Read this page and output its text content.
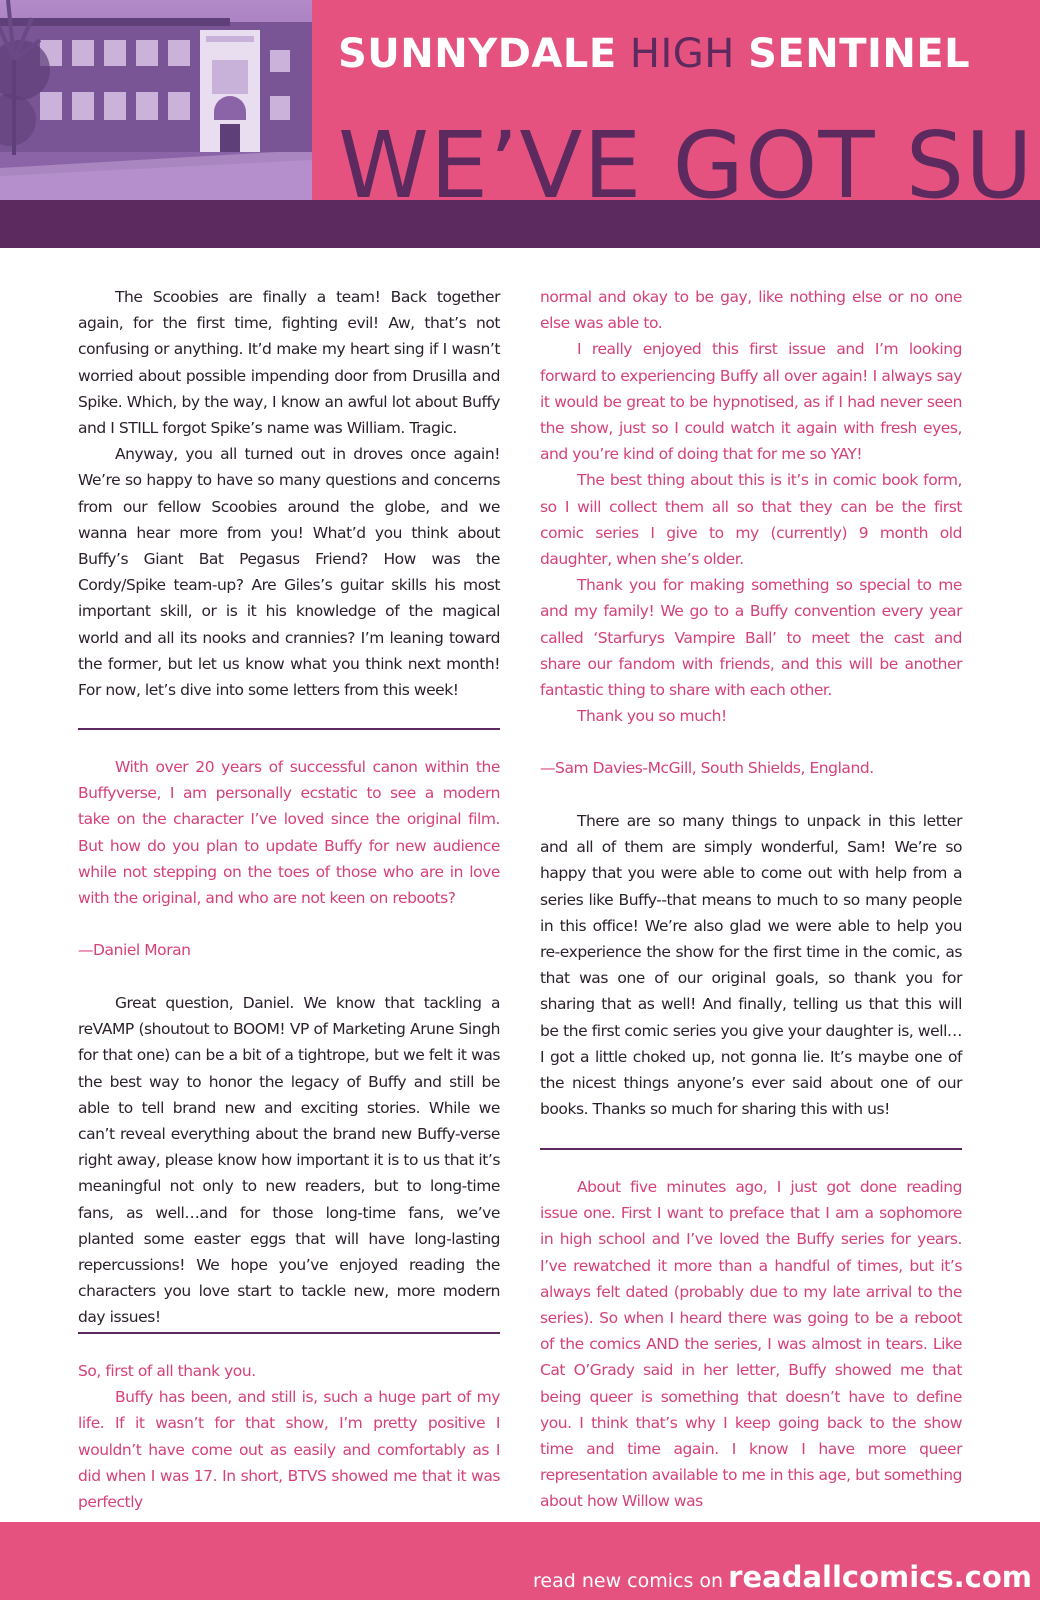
SUNNYDALE HIGH SENTINEL
WE’VE GOT SU

The Scoobies are finally a team! Back together again, for the first time, fighting evil! Aw, that’s not confusing or anything. It’d make my heart sing if I wasn’t worried about possible impending door from Drusilla and Spike. Which, by the way, I know an awful lot about Buffy and I STILL forgot Spike’s name was William. Tragic.

Anyway, you all turned out in droves once again! We’re so happy to have so many questions and concerns from our fellow Scoobies around the globe, and we wanna hear more from you! What’d you think about Buffy’s Giant Bat Pegasus Friend? How was the Cordy/Spike team-up? Are Giles’s guitar skills his most important skill, or is it his knowledge of the magical world and all its nooks and crannies? I’m leaning toward the former, but let us know what you think next month! For now, let’s dive into some letters from this week!

With over 20 years of successful canon within the Buffyverse, I am personally ecstatic to see a modern take on the character I’ve loved since the original film. But how do you plan to update Buffy for new audience while not stepping on the toes of those who are in love with the original, and who are not keen on reboots?

—Daniel Moran

Great question, Daniel. We know that tackling a reVAMP (shoutout to BOOM! VP of Marketing Arune Singh for that one) can be a bit of a tightrope, but we felt it was the best way to honor the legacy of Buffy and still be able to tell brand new and exciting stories. While we can’t reveal everything about the brand new Buffy-verse right away, please know how important it is to us that it’s meaningful not only to new readers, but to long-time fans, as well…and for those long-time fans, we’ve planted some easter eggs that will have long-lasting repercussions! We hope you’ve enjoyed reading the characters you love start to tackle new, more modern day issues!

So, first of all thank you.

Buffy has been, and still is, such a huge part of my life. If it wasn’t for that show, I’m pretty positive I wouldn’t have come out as easily and comfortably as I did when I was 17. In short, BTVS showed me that it was perfectly

normal and okay to be gay, like nothing else or no one else was able to.

I really enjoyed this first issue and I’m looking forward to experiencing Buffy all over again! I always say it would be great to be hypnotised, as if I had never seen the show, just so I could watch it again with fresh eyes, and you’re kind of doing that for me so YAY!

The best thing about this is it’s in comic book form, so I will collect them all so that they can be the first comic series I give to my (currently) 9 month old daughter, when she’s older.

Thank you for making something so special to me and my family! We go to a Buffy convention every year called ‘Starfurys Vampire Ball’ to meet the cast and share our fandom with friends, and this will be another fantastic thing to share with each other.

Thank you so much!

—Sam Davies-McGill, South Shields, England.

There are so many things to unpack in this letter and all of them are simply wonderful, Sam! We’re so happy that you were able to come out with help from a series like Buffy--that means to much to so many people in this office! We’re also glad we were able to help you re-experience the show for the first time in the comic, as that was one of our original goals, so thank you for sharing that as well! And finally, telling us that this will be the first comic series you give your daughter is, well…I got a little choked up, not gonna lie. It’s maybe one of the nicest things anyone’s ever said about one of our books. Thanks so much for sharing this with us!

About five minutes ago, I just got done reading issue one. First I want to preface that I am a sophomore in high school and I’ve loved the Buffy series for years. I’ve rewatched it more than a handful of times, but it’s always felt dated (probably due to my late arrival to the series). So when I heard there was going to be a reboot of the comics AND the series, I was almost in tears. Like Cat O’Grady said in her letter, Buffy showed me that being queer is something that doesn’t have to define you. I think that’s why I keep going back to the show time and time again. I know I have more queer representation available to me in this age, but something about how Willow was

read new comics on readallcomics.com
